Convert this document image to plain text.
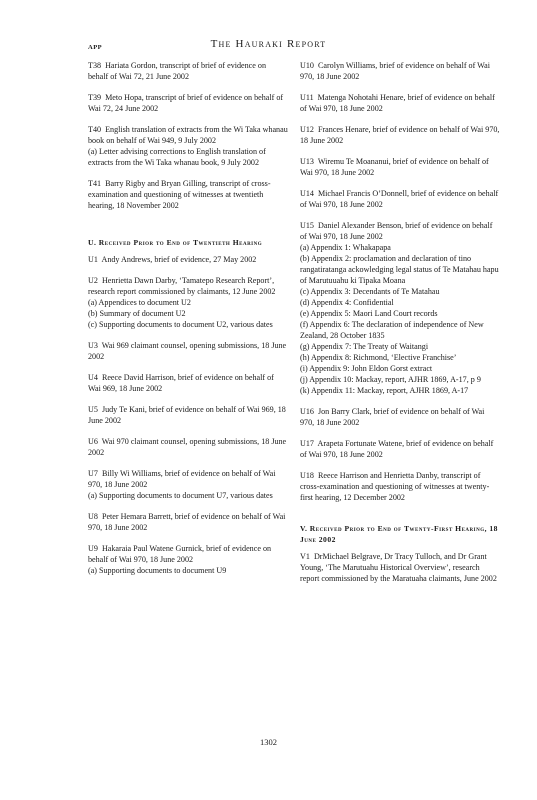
APP	The Hauraki Report
T38 Hariata Gordon, transcript of brief of evidence on behalf of Wai 72, 21 June 2002
T39 Meto Hopa, transcript of brief of evidence on behalf of Wai 72, 24 June 2002
T40 English translation of extracts from the Wi Taka whanau book on behalf of Wai 949, 9 July 2002
(a) Letter advising corrections to English translation of extracts from the Wi Taka whanau book, 9 July 2002
T41 Barry Rigby and Bryan Gilling, transcript of cross-examination and questioning of witnesses at twentieth hearing, 18 November 2002
U. Received Prior to End of Twentieth Hearing
U1 Andy Andrews, brief of evidence, 27 May 2002
U2 Henrietta Dawn Darby, ‘Tamatepo Research Report’, research report commissioned by claimants, 12 June 2002
(a) Appendices to document U2
(b) Summary of document U2
(c) Supporting documents to document U2, various dates
U3 Wai 969 claimant counsel, opening submissions, 18 June 2002
U4 Reece David Harrison, brief of evidence on behalf of Wai 969, 18 June 2002
U5 Judy Te Kani, brief of evidence on behalf of Wai 969, 18 June 2002
U6 Wai 970 claimant counsel, opening submissions, 18 June 2002
U7 Billy Wi Williams, brief of evidence on behalf of Wai 970, 18 June 2002
(a) Supporting documents to document U7, various dates
U8 Peter Hemara Barrett, brief of evidence on behalf of Wai 970, 18 June 2002
U9 Hakaraia Paul Watene Gurnick, brief of evidence on behalf of Wai 970, 18 June 2002
(a) Supporting documents to document U9
U10 Carolyn Williams, brief of evidence on behalf of Wai 970, 18 June 2002
U11 Matenga Nohotahi Henare, brief of evidence on behalf of Wai 970, 18 June 2002
U12 Frances Henare, brief of evidence on behalf of Wai 970, 18 June 2002
U13 Wiremu Te Moananui, brief of evidence on behalf of Wai 970, 18 June 2002
U14 Michael Francis O’Donnell, brief of evidence on behalf of Wai 970, 18 June 2002
U15 Daniel Alexander Benson, brief of evidence on behalf of Wai 970, 18 June 2002
(a) Appendix 1: Whakapapa
(b) Appendix 2: proclamation and declaration of tino rangatiratanga ackowledging legal status of Te Matahau hapu of Marutuuahu ki Tipaka Moana
(c) Appendix 3: Decendants of Te Matahau
(d) Appendix 4: Confidential
(e) Appendix 5: Maori Land Court records
(f) Appendix 6: The declaration of independence of New Zealand, 28 October 1835
(g) Appendix 7: The Treaty of Waitangi
(h) Appendix 8: Richmond, ‘Elective Franchise’
(i) Appendix 9: John Eldon Gorst extract
(j) Appendix 10: Mackay, report, AJHR 1869, A-17, p 9
(k) Appendix 11: Mackay, report, AJHR 1869, A-17
U16 Jon Barry Clark, brief of evidence on behalf of Wai 970, 18 June 2002
U17 Arapeta Fortunate Watene, brief of evidence on behalf of Wai 970, 18 June 2002
U18 Reece Harrison and Henrietta Danby, transcript of cross-examination and questioning of witnesses at twenty-first hearing, 12 December 2002
V. Received Prior to End of Twenty-First Hearing, 18 June 2002
V1 DrMichael Belgrave, Dr Tracy Tulloch, and Dr Grant Young, ‘The Marutuahu Historical Overview’, research report commissioned by the Maratuaha claimants, June 2002
1302
